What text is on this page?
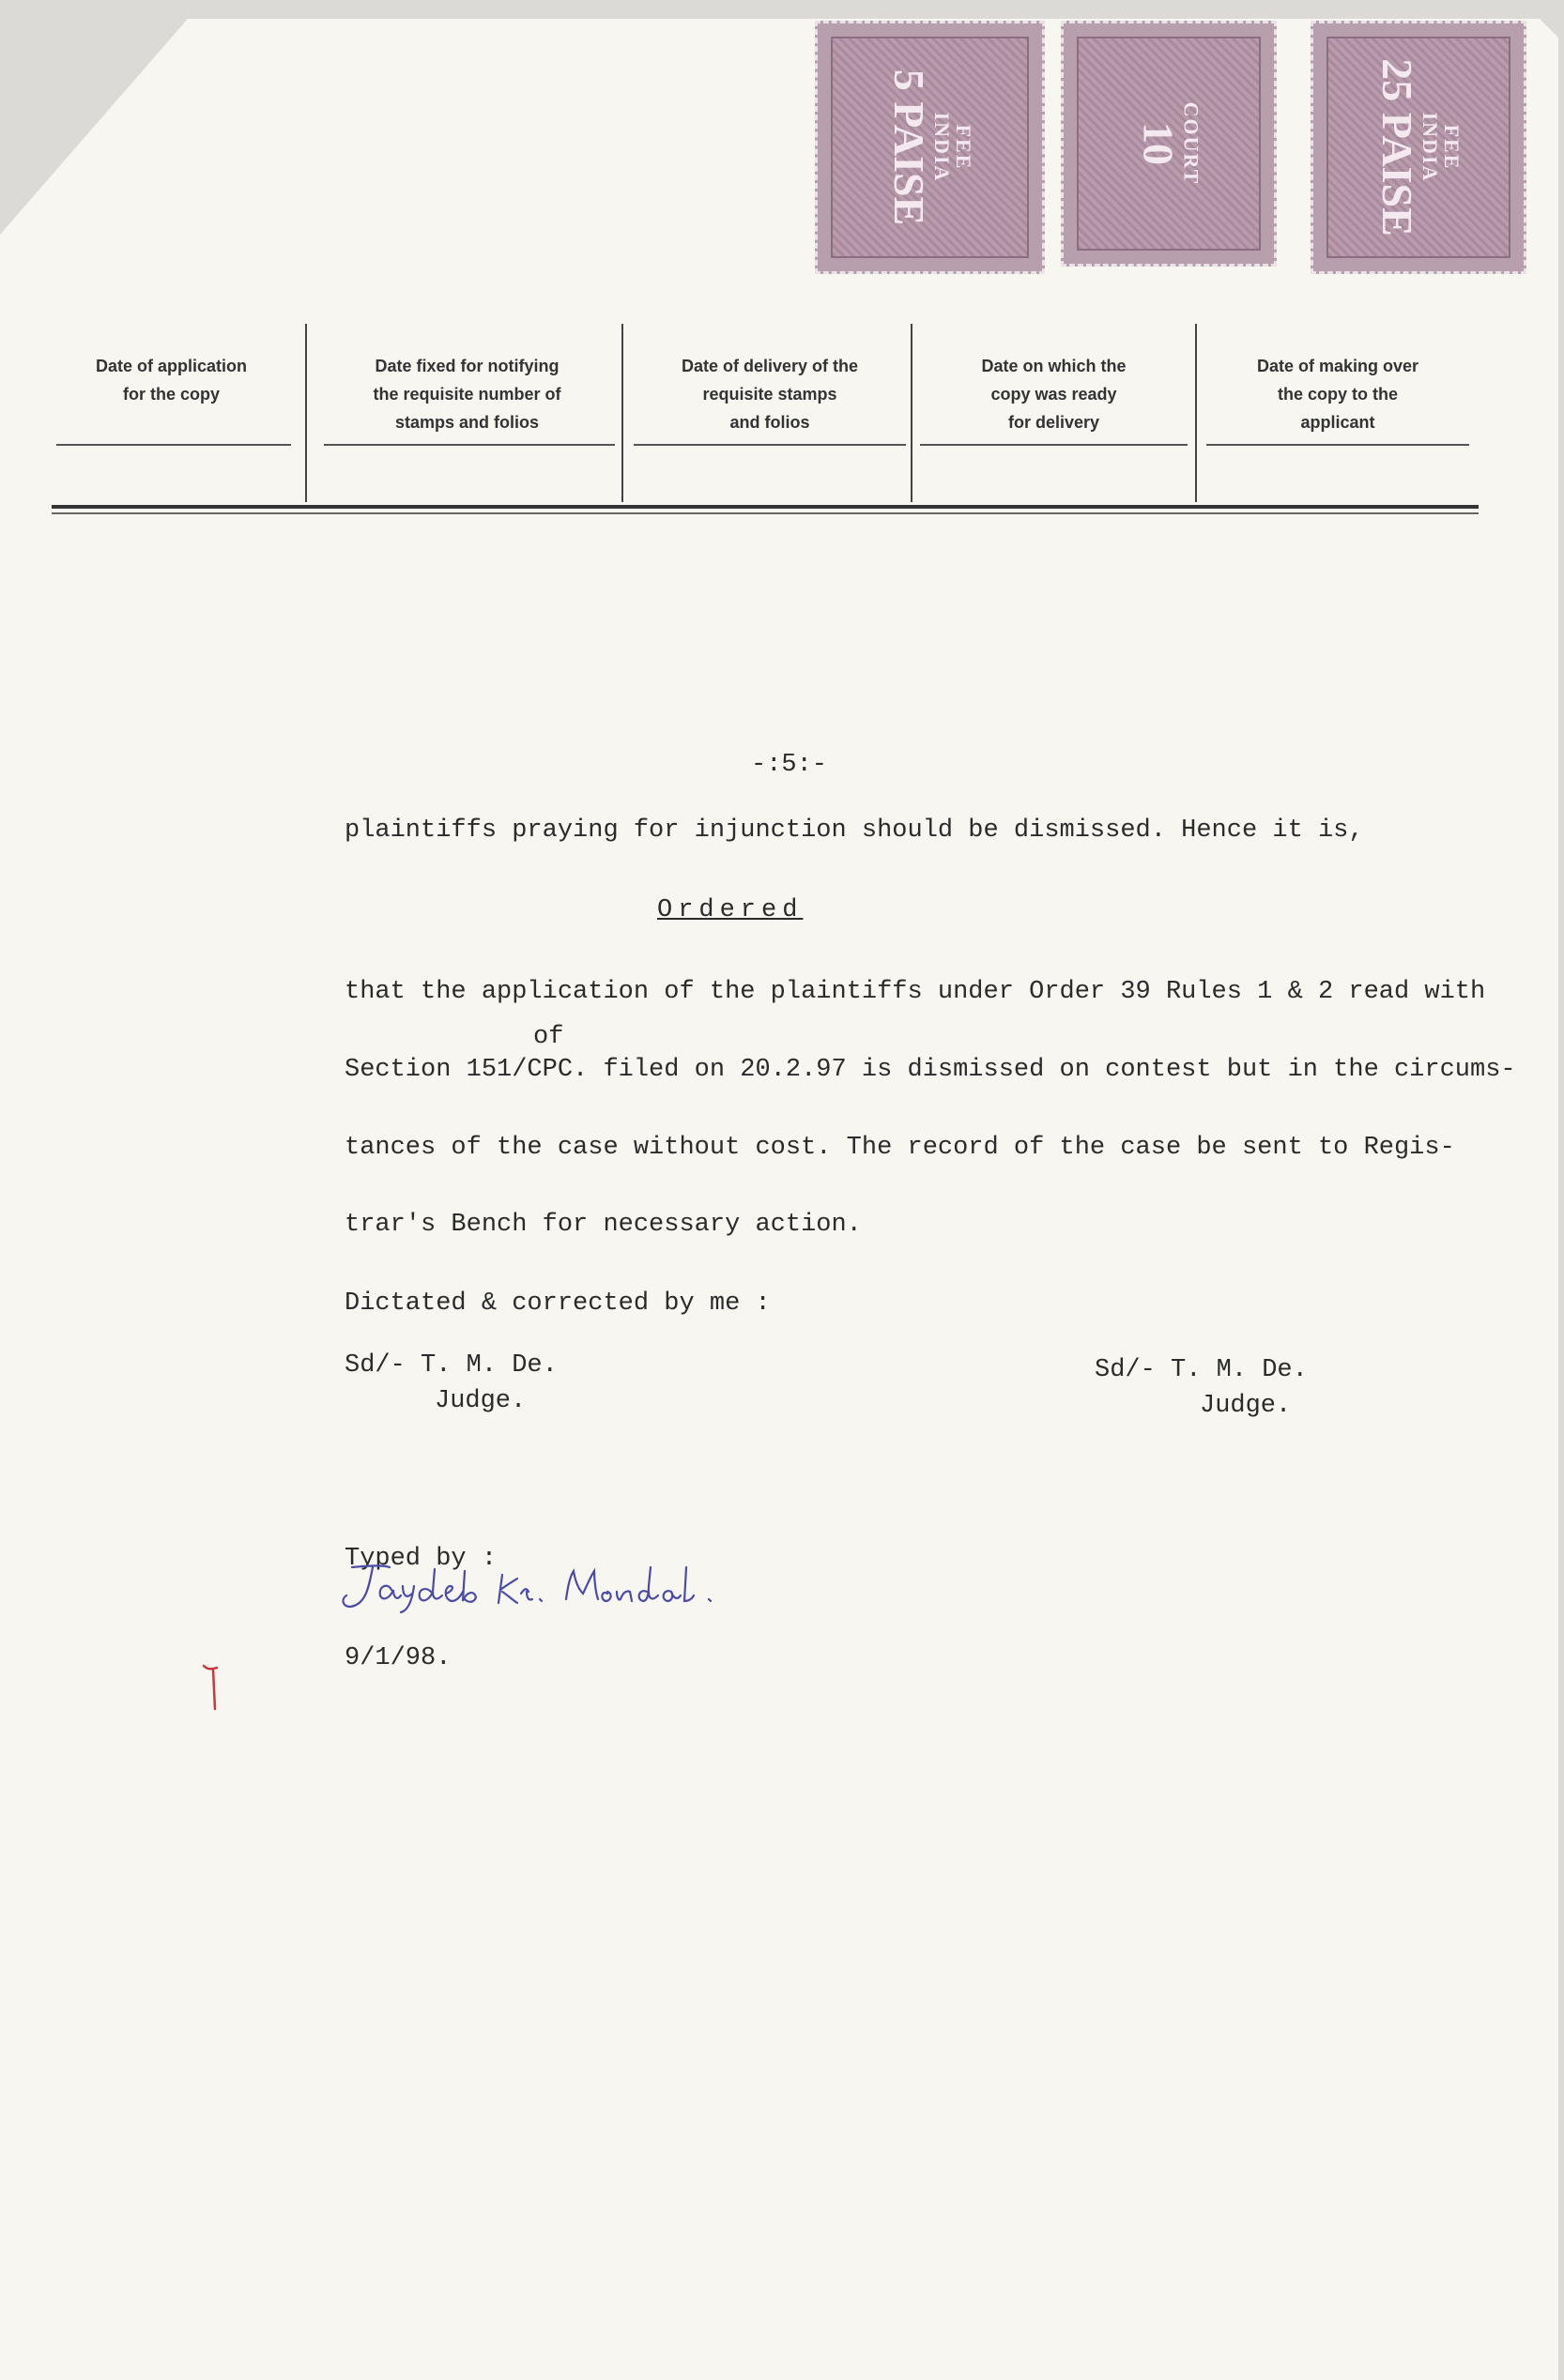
FEE
INDIA
5 PAISE	COURT
10	FEE
INDIA
25 PAISE
Date of application
for the copy
Date fixed for notifying
the requisite number of
stamps and folios
Date of delivery of the
requisite stamps
and folios
Date on which the
copy was ready
for delivery
Date of making over
the copy to the
applicant
-:5:-
plaintiffs praying for injunction should be dismissed. Hence it is,
Ordered
that the application of the plaintiffs under Order 39 Rules 1 & 2 read with
of
Section 151/CPC. filed on 20.2.97 is dismissed on contest but in the circums-
tances of the case without cost. The record of the case be sent to Regis-
trar's Bench for necessary action.
Dictated & corrected by me :
Sd/- T. M. De.
Judge.
Sd/- T. M. De.
Judge.
Typed by :
Jaydeb Kr. Mondal.
9/1/98.
